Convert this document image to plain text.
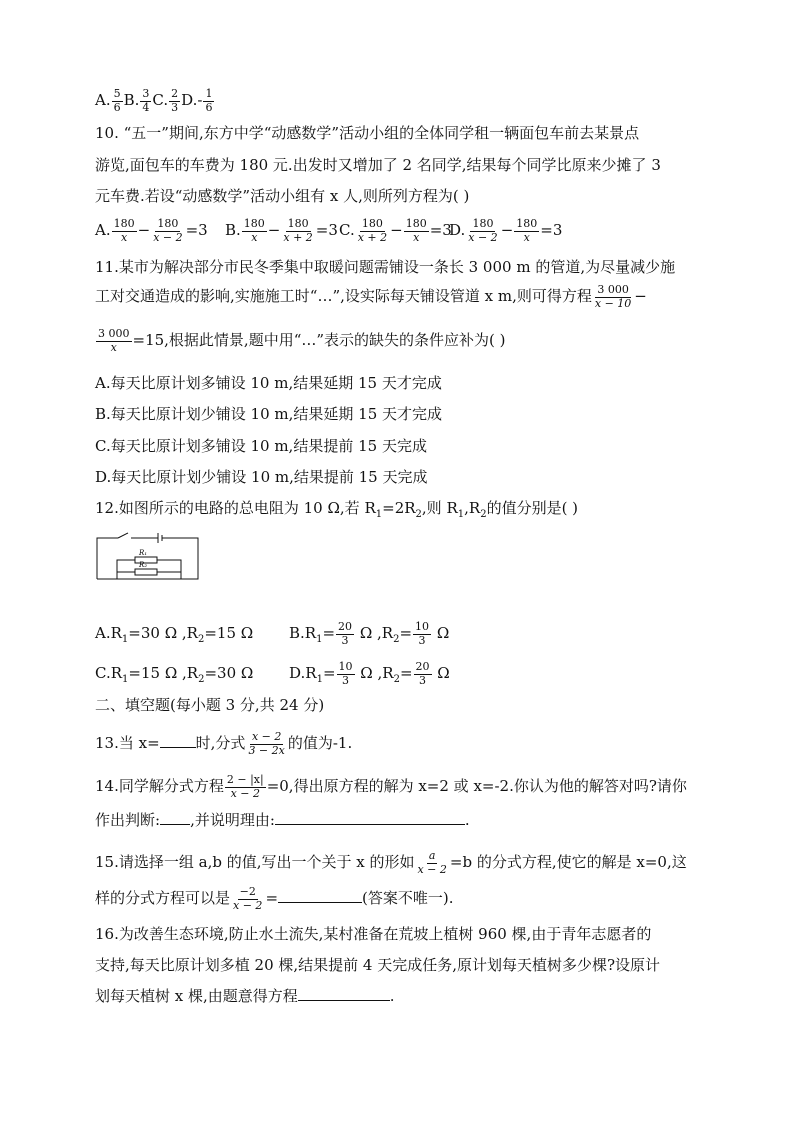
A. $\frac{5}{6} B$. $\frac{3}{4} C$. $\frac{2}{3} D.- \frac{1}{6}$
10. “五一”期间,东方中学“动感数学”活动小组的全体同学租一辆面包车前去某景点
游览,面包车的车费为 180 元.出发时又增加了 2 名同学,结果每个同学比原来少摊了 3
元车费.若设“动感数学”活动小组有 x 人,则所列方程为( )
A. $\frac{180}{x} - \frac{180}{x - 2} =3$ B. $\frac{180}{x} - \frac{180}{x + 2} =3C$. $\frac{180}{x + 2} - \frac{180}{x} =3D$. $\frac{180}{x - 2} - \frac{180}{x} =3$
11.某市为解决部分市民冬季集中取暖问题需铺设一条长 3 000 m 的管道,为尽量减少施
工对交通造成的影响,实施施工时“…”,设实际每天铺设管道 x m,则可得方程 $\frac{3 000}{x - 10}$ −
$\frac{3 000}{x} =15$,根据此情景,题中用“…”表示的缺失的条件应补为( )
A.每天比原计划多铺设 10 m,结果延期 15 天才完成
B.每天比原计划少铺设 10 m,结果延期 15 天才完成
C.每天比原计划多铺设 10 m,结果提前 15 天完成
D.每天比原计划少铺设 10 m,结果提前 15 天完成
12.如图所示的电路的总电阻为 10 Ω,若 $R_1=2R_2$,则 $R_1,R_2$的值分别是( )
R₁
R₂
$A.R_1=30$ Ω $,R_2=15$ Ω $B.R_1= \frac{20}{3}$ Ω $,R_2= \frac{10}{3}$ Ω
$C.R_1=15$ Ω $,R_2=30$ Ω $D.R_1= \frac{10}{3}$ Ω $,R_2= \frac{20}{3}$ Ω
二、填空题(每小题 3 分,共 24 分)
13.当 x= 时,分式 $\frac{x - 2}{3 - 2x}$ 的值为-1.
14.同学解分式方程 $\frac{2 - |x|}{x - 2} =0$,得出原方程的解为 x=2 或 x=-2.你认为他的解答对吗?请你
作出判断: ,并说明理由:	.
15.请选择一组 a,b 的值,写出一个关于 x 的形如 $\frac{a}{x - 2} =b$ 的分式方程,使它的解是 x=0,这
样的分式方程可以是 $\frac{-2}{x - 2}$ =	(答案不唯一).
16.为改善生态环境,防止水土流失,某村准备在荒坡上植树 960 棵,由于青年志愿者的
支持,每天比原计划多植 20 棵,结果提前 4 天完成任务,原计划每天植树多少棵?设原计
划每天植树 x 棵,由题意得方程	.
